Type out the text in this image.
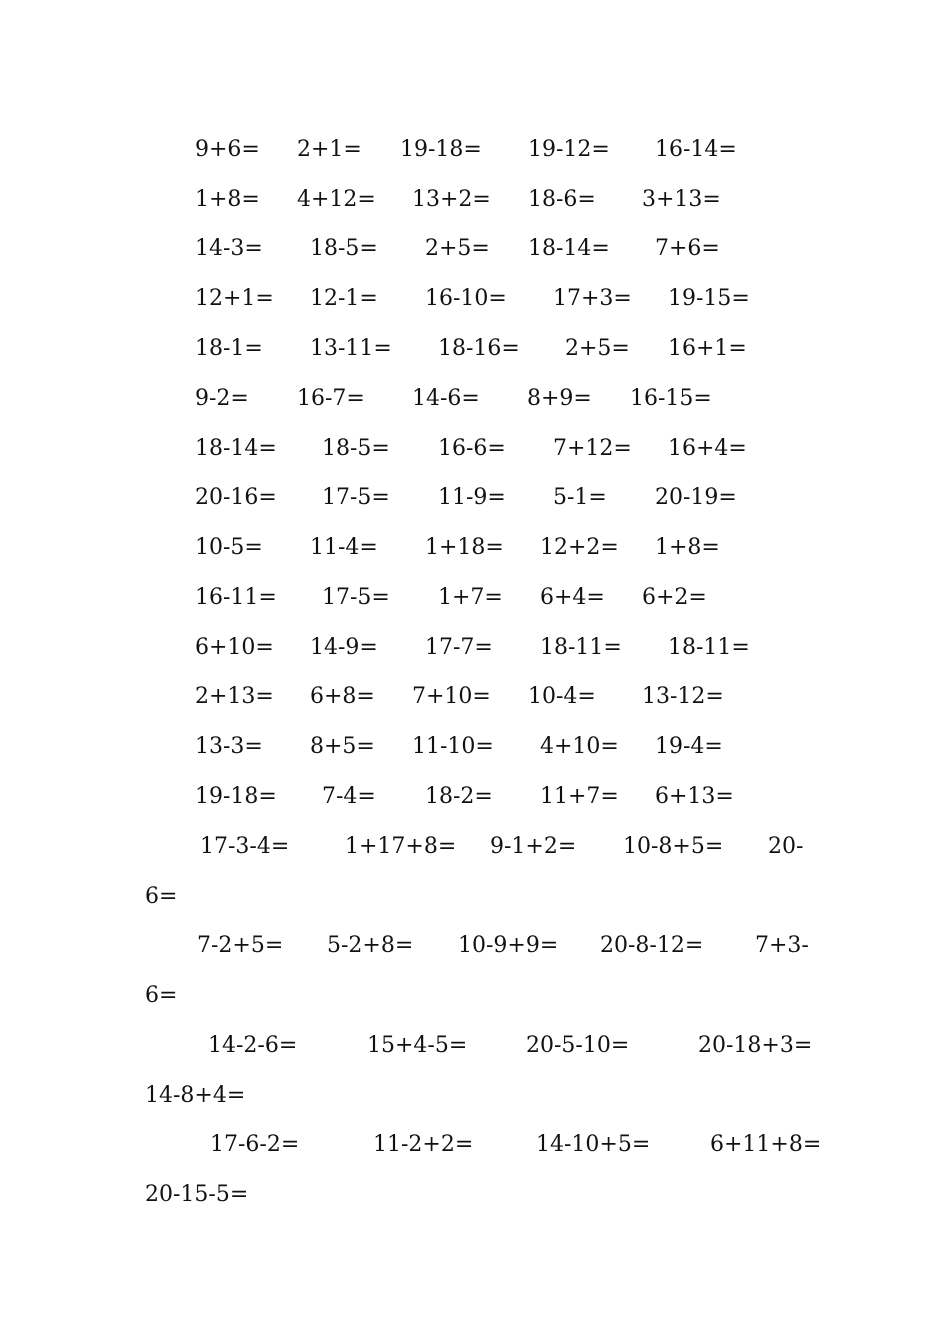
9+6= 2+1= 19-18= 19-12= 16-14=
1+8= 4+12= 13+2= 18-6= 3+13=
14-3= 18-5= 2+5= 18-14= 7+6=
12+1= 12-1= 16-10= 17+3= 19-15=
18-1= 13-11= 18-16= 2+5= 16+1=
9-2= 16-7= 14-6= 8+9= 16-15=
18-14= 18-5= 16-6= 7+12= 16+4=
20-16= 17-5= 11-9= 5-1= 20-19=
10-5= 11-4= 1+18= 12+2= 1+8=
16-11= 17-5= 1+7= 6+4= 6+2=
6+10= 14-9= 17-7= 18-11= 18-11=
2+13= 6+8= 7+10= 10-4= 13-12=
13-3= 8+5= 11-10= 4+10= 19-4=
19-18= 7-4= 18-2= 11+7= 6+13=
17-3-4=	1+17+8= 9-1+2= 10-8+5= 20-
6=
7-2+5= 5-2+8= 10-9+9= 20-8-12= 7+3-
6=
14-2-6=	15+4-5=	20-5-10=	20-18+3=
14-8+4=
17-6-2=	11-2+2=	14-10+5=	6+11+8=
20-15-5=
